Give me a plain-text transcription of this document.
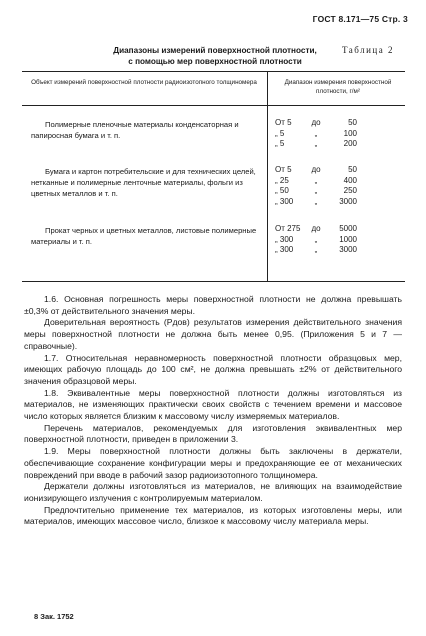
ГОСТ 8.171—75 Стр. 3
Диапазоны измерений поверхностной плотности,
с помощью мер поверхностной плотности
Таблица 2
Объект измерений поверхностной плотности радиоизотопного толщиномера	Диапазон измерения поверхностной плотности, г/м²
Полимерные пленочные материалы конденсаторная и папиросная бумага и т. п.
От 5	до	50
„ 5	„	100
„ 5	„	200
Бумага и картон потребительские и для технических целей, нетканные и полимерные ленточные материалы, фольги из цветных металлов и т. п.
От 5	до	50
„ 25	„	400
„ 50	„	250
„ 300	„	3000
Прокат черных и цветных металлов, листовые полимерные материалы и т. п.
От 275	до	5000
„ 300	„	1000
„ 300	„	3000

1.6. Основная погрешность меры поверхностной плотности не должна превышать ±0,3% от действительного значения меры.

Доверительная вероятность (Pдов) результатов измерения действительного значения меры поверхностной плотности не должна быть менее 0,95. (Приложения 5 и 7 — справочные).

1.7. Относительная неравномерность поверхностной плотности образцовых мер, имеющих рабочую площадь до 100 см², не должна превышать ±2% от действительного значения образцовой меры.

1.8. Эквивалентные меры поверхностной плотности должны изготовляться из материалов, не изменяющих практически своих свойств с течением времени и массовое число которых является близким к массовому числу измеряемых материалов.

Перечень материалов, рекомендуемых для изготовления эквивалентных мер поверхностной плотности, приведен в приложении 3.

1.9. Меры поверхностной плотности должны быть заключены в держатели, обеспечивающие сохранение конфигурации меры и предохраняющие ее от механических повреждений при вводе в рабочий зазор радиоизотопного толщиномера.

Держатели должны изготовляться из материалов, не влияющих на взаимодействие ионизирующего излучения с контролируемым материалом.

Предпочтительно применение тех материалов, из которых изготовлены меры, или материалов, имеющих массовое число, близкое к массовому числу материала меры.

8 Зак. 1752
